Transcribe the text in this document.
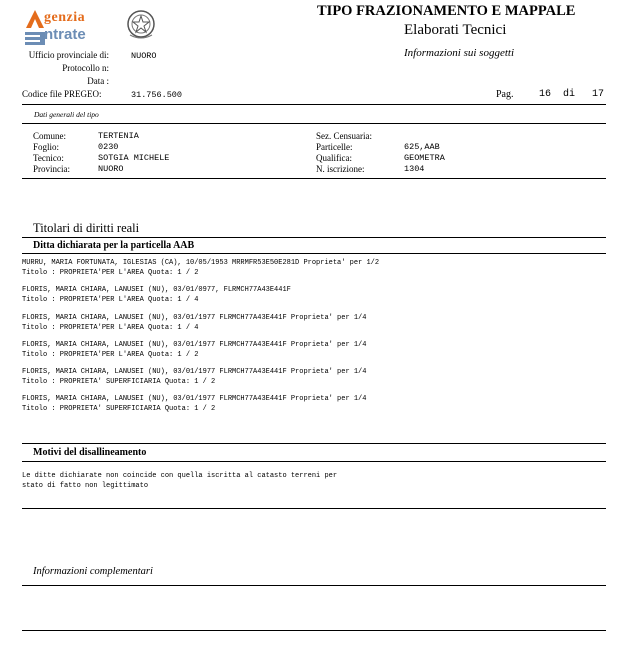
genzia
ntrate
TIPO FRAZIONAMENTO E MAPPALE
Elaborati Tecnici
Informazioni sui soggetti
Ufficio provinciale di:	NUORO
Protocollo n:
Data :
Codice file PREGEO:	31.756.500	Pag.	16 di 17
Dati generali del tipo
Comune:	TERTENIA
Foglio:	0230
Tecnico:	SOTGIA MICHELE
Provincia:	NUORO
Sez. Censuaria:
Particelle:	625,AAB
Qualifica:	GEOMETRA
N. iscrizione:	1304
Titolari di diritti reali
Ditta dichiarata per la particella AAB
MURRU, MARIA FORTUNATA, IGLESIAS (CA), 10/05/1953 MRRMFR53E50E281D Proprieta' per 1/2
Titolo : PROPRIETA'PER L'AREA Quota: 1 / 2
FLORIS, MARIA CHIARA, LANUSEI (NU), 03/01/0977, FLRMCH77A43E441F
Titolo : PROPRIETA'PER L'AREA Quota: 1 / 4
FLORIS, MARIA CHIARA, LANUSEI (NU), 03/01/1977 FLRMCH77A43E441F Proprieta' per 1/4
Titolo : PROPRIETA'PER L'AREA Quota: 1 / 4
FLORIS, MARIA CHIARA, LANUSEI (NU), 03/01/1977 FLRMCH77A43E441F Proprieta' per 1/4
Titolo : PROPRIETA'PER L'AREA Quota: 1 / 2
FLORIS, MARIA CHIARA, LANUSEI (NU), 03/01/1977 FLRMCH77A43E441F Proprieta' per 1/4
Titolo : PROPRIETA' SUPERFICIARIA Quota: 1 / 2
FLORIS, MARIA CHIARA, LANUSEI (NU), 03/01/1977 FLRMCH77A43E441F Proprieta' per 1/4
Titolo : PROPRIETA' SUPERFICIARIA Quota: 1 / 2
Motivi del disallineamento
Le ditte dichiarate non coincide con quella iscritta al catasto terreni per
stato di fatto non legittimato
Informazioni complementari
